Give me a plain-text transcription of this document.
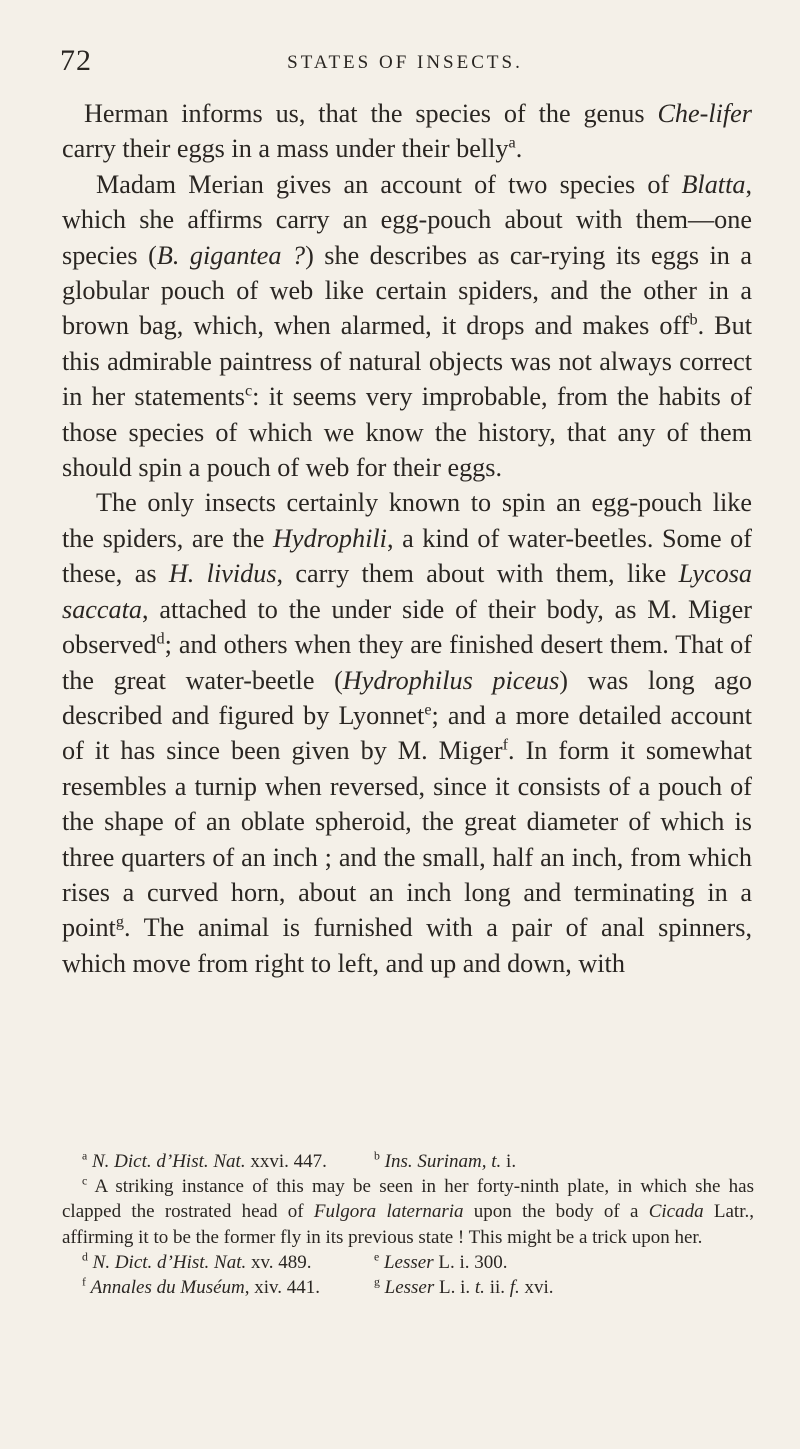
72	STATES OF INSECTS.

Herman informs us, that the species of the genus Che-lifer carry their eggs in a mass under their belly$^a$.

Madam Merian gives an account of two species of Blatta, which she affirms carry an egg-pouch about with them—one species (B. gigantea ?) she describes as car-rying its eggs in a globular pouch of web like certain spiders, and the other in a brown bag, which, when alarmed, it drops and makes off$^b$. But this admirable paintress of natural objects was not always correct in her statements$^c$: it seems very improbable, from the habits of those species of which we know the history, that any of them should spin a pouch of web for their eggs.

The only insects certainly known to spin an egg-pouch like the spiders, are the Hydrophili, a kind of water-beetles. Some of these, as H. lividus, carry them about with them, like Lycosa saccata, attached to the under side of their body, as M. Miger observed$^d$; and others when they are finished desert them. That of the great water-beetle (Hydrophilus piceus) was long ago described and figured by Lyonnet$^e$; and a more detailed account of it has since been given by M. Miger$^f$. In form it somewhat resembles a turnip when reversed, since it consists of a pouch of the shape of an oblate spheroid, the great diameter of which is three quarters of an inch ; and the small, half an inch, from which rises a curved horn, about an inch long and terminating in a point$^g$. The animal is furnished with a pair of anal spinners, which move from right to left, and up and down, with

$^a$ N. Dict. d’Hist. Nat. xxvi. 447.	$^b$ Ins. Surinam, t. i.

$^c$ A striking instance of this may be seen in her forty-ninth plate, in which she has clapped the rostrated head of Fulgora laternaria upon the body of a Cicada Latr., affirming it to be the former fly in its previous state ! This might be a trick upon her.

$^d$ N. Dict. d’Hist. Nat. xv. 489.	$^e$ Lesser L. i. 300.
$^f$ Annales du Muséum, xiv. 441.	$^g$ Lesser L. i. t. ii. f. xvi.
